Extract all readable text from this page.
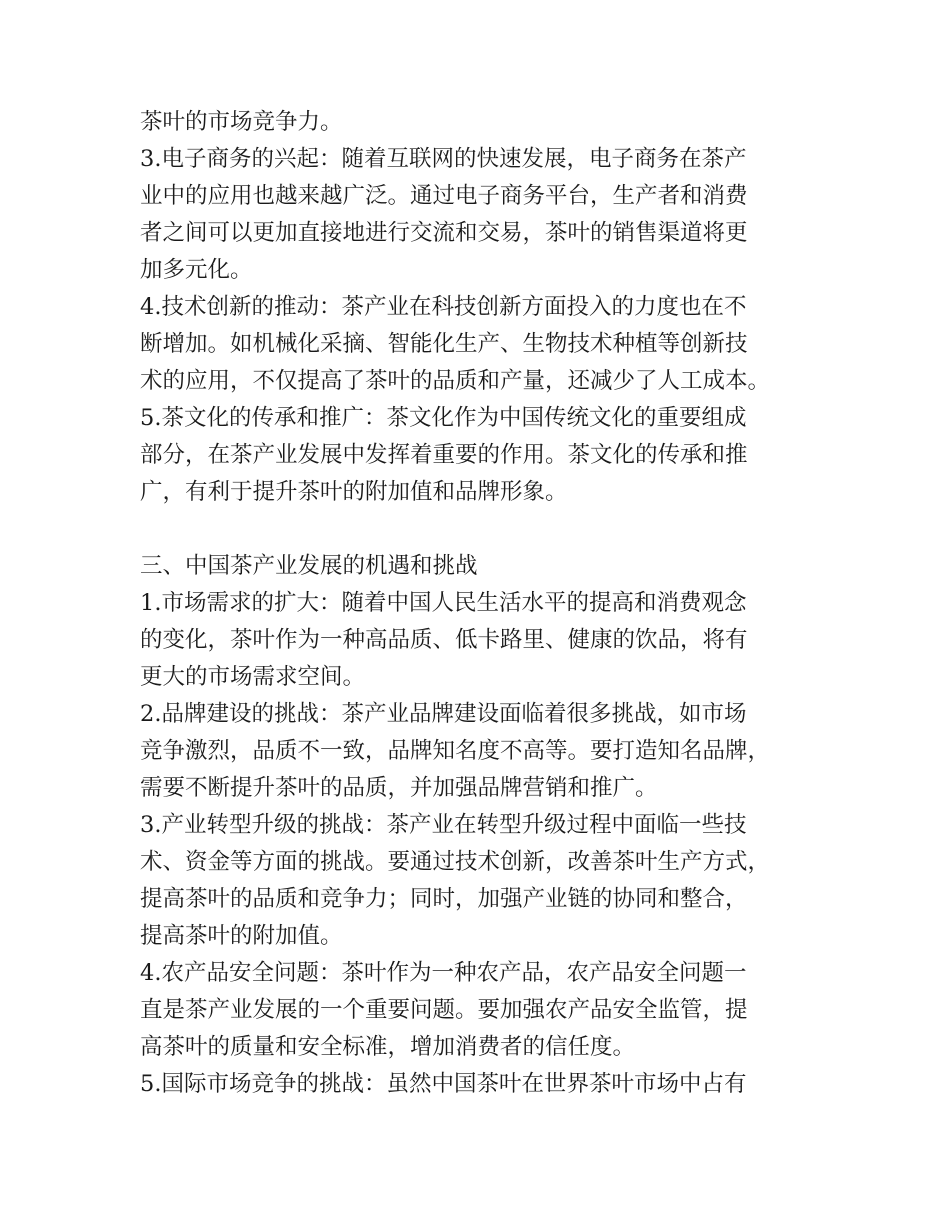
茶叶的市场竞争力。
3.电子商务的兴起：随着互联网的快速发展，电子商务在茶产
业中的应用也越来越广泛。通过电子商务平台，生产者和消费
者之间可以更加直接地进行交流和交易，茶叶的销售渠道将更
加多元化。
4.技术创新的推动：茶产业在科技创新方面投入的力度也在不
断增加。如机械化采摘、智能化生产、生物技术种植等创新技
术的应用，不仅提高了茶叶的品质和产量，还减少了人工成本。
5.茶文化的传承和推广：茶文化作为中国传统文化的重要组成
部分，在茶产业发展中发挥着重要的作用。茶文化的传承和推
广，有利于提升茶叶的附加值和品牌形象。
三、中国茶产业发展的机遇和挑战
1.市场需求的扩大：随着中国人民生活水平的提高和消费观念
的变化，茶叶作为一种高品质、低卡路里、健康的饮品，将有
更大的市场需求空间。
2.品牌建设的挑战：茶产业品牌建设面临着很多挑战，如市场
竞争激烈，品质不一致，品牌知名度不高等。要打造知名品牌，
需要不断提升茶叶的品质，并加强品牌营销和推广。
3.产业转型升级的挑战：茶产业在转型升级过程中面临一些技
术、资金等方面的挑战。要通过技术创新，改善茶叶生产方式，
提高茶叶的品质和竞争力；同时，加强产业链的协同和整合，
提高茶叶的附加值。
4.农产品安全问题：茶叶作为一种农产品，农产品安全问题一
直是茶产业发展的一个重要问题。要加强农产品安全监管，提
高茶叶的质量和安全标准，增加消费者的信任度。
5.国际市场竞争的挑战：虽然中国茶叶在世界茶叶市场中占有
